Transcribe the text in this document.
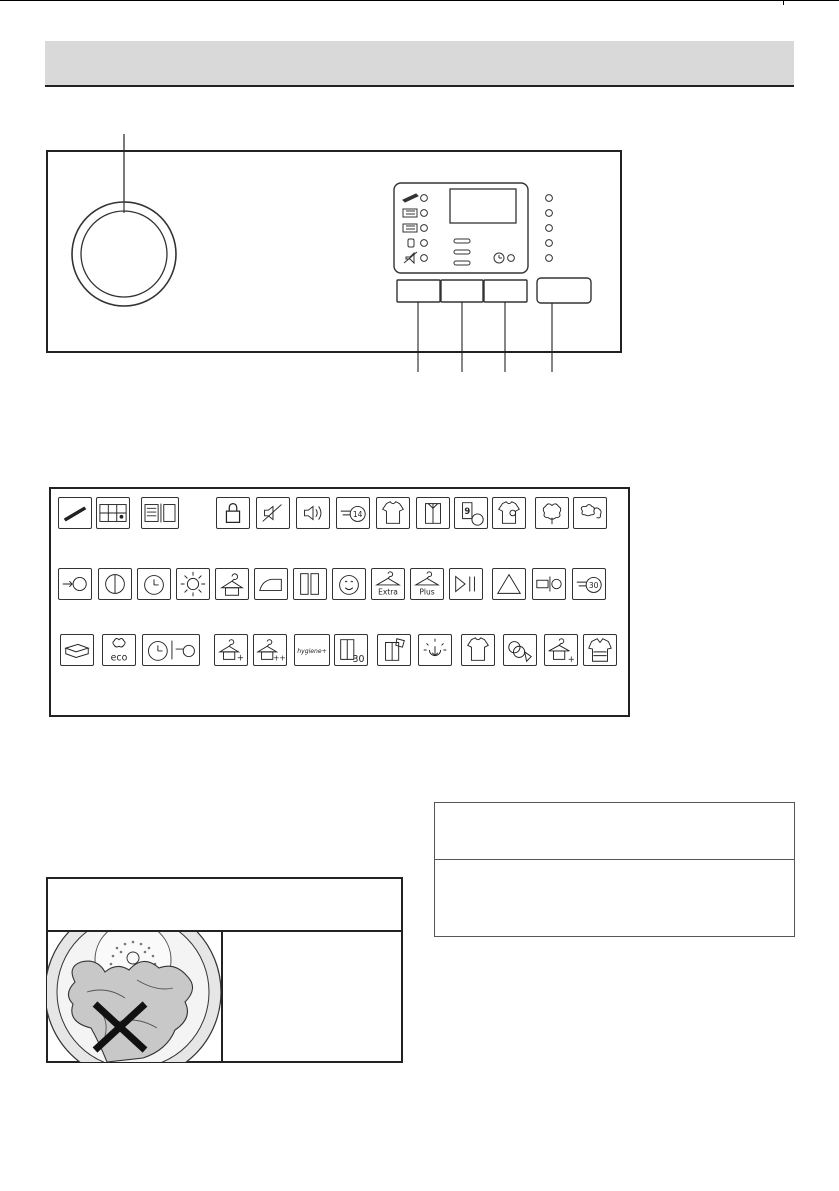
14	9
Extra	Plus
30
eco	+	++
hygiene+
30	+
